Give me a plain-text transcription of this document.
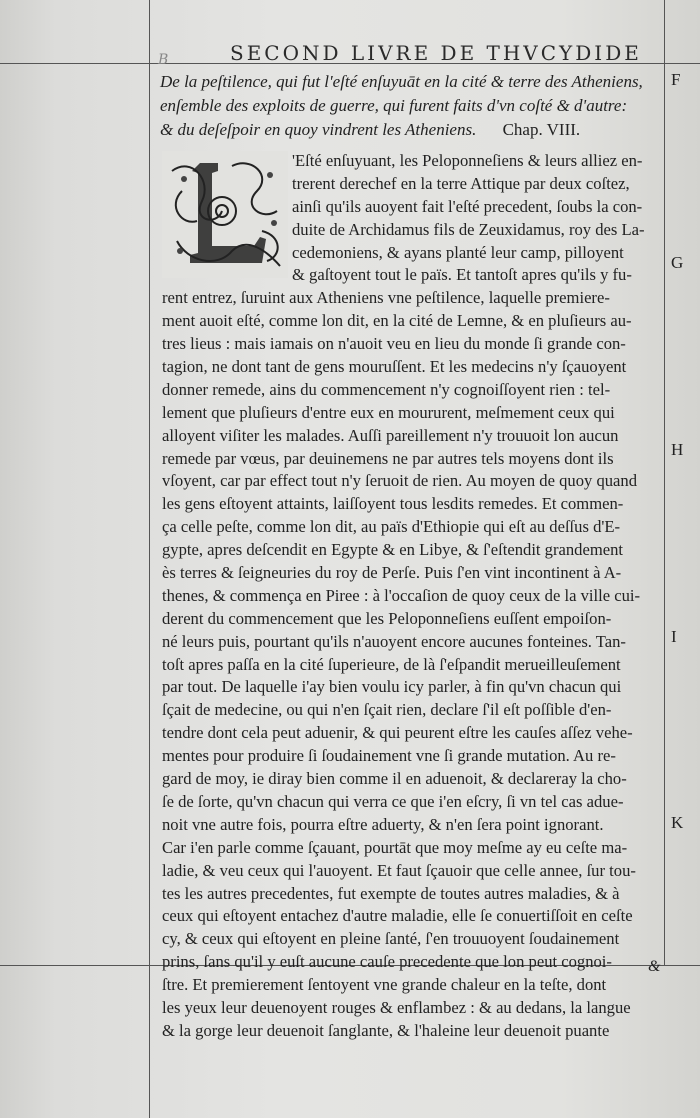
SECOND LIVRE DE THVCYDIDE
B
De la peſtilence, qui fut l'eſté enſuyuāt en la cité & terre des Atheniens,
enſemble des exploits de guerre, qui furent faits d'vn coſté & d'autre:
& du deſeſpoir en quoy vindrent les Atheniens. Chap. VIII.
'Eſté enſuyuant, les Peloponneſiens & leurs alliez en-
trerent derechef en la terre Attique par deux coſtez,
ainſi qu'ils auoyent fait l'eſté precedent, ſoubs la con-
duite de Archidamus fils de Zeuxidamus, roy des La-
cedemoniens, & ayans planté leur camp, pilloyent
& gaſtoyent tout le païs. Et tantoſt apres qu'ils y fu-
rent entrez, ſuruint aux Atheniens vne peſtilence, laquelle premiere-
ment auoit eſté, comme lon dit, en la cité de Lemne, & en pluſieurs au-
tres lieus : mais iamais on n'auoit veu en lieu du monde ſi grande con-
tagion, ne dont tant de gens mouruſſent. Et les medecins n'y ſçauoyent
donner remede, ains du commencement n'y cognoiſſoyent rien : tel-
lement que pluſieurs d'entre eux en moururent, meſmement ceux qui
alloyent viſiter les malades. Auſſi pareillement n'y trouuoit lon aucun
remede par vœus, par deuinemens ne par autres tels moyens dont ils
vſoyent, car par effect tout n'y ſeruoit de rien. Au moyen de quoy quand
les gens eſtoyent attaints, laiſſoyent tous lesdits remedes. Et commen-
ça celle peſte, comme lon dit, au païs d'Ethiopie qui eſt au deſſus d'E-
gypte, apres deſcendit en Egypte & en Libye, & ſ'eſtendit grandement
ès terres & ſeigneuries du roy de Perſe. Puis ſ'en vint incontinent à A-
thenes, & commença en Piree : à l'occaſion de quoy ceux de la ville cui-
derent du commencement que les Peloponneſiens euſſent empoiſon-
né leurs puis, pourtant qu'ils n'auoyent encore aucunes fonteines. Tan-
toſt apres paſſa en la cité ſuperieure, de là ſ'eſpandit merueilleuſement
par tout. De laquelle i'ay bien voulu icy parler, à fin qu'vn chacun qui
ſçait de medecine, ou qui n'en ſçait rien, declare ſ'il eſt poſſible d'en-
tendre dont cela peut aduenir, & qui peurent eſtre les cauſes aſſez vehe-
mentes pour produire ſi ſoudainement vne ſi grande mutation. Au re-
gard de moy, ie diray bien comme il en aduenoit, & declareray la cho-
ſe de ſorte, qu'vn chacun qui verra ce que i'en eſcry, ſi vn tel cas adue-
noit vne autre fois, pourra eſtre aduerty, & n'en ſera point ignorant.
Car i'en parle comme ſçauant, pourtāt que moy meſme ay eu ceſte ma-
ladie, & veu ceux qui l'auoyent. Et faut ſçauoir que celle annee, ſur tou-
tes les autres precedentes, fut exempte de toutes autres maladies, & à
ceux qui eſtoyent entachez d'autre maladie, elle ſe conuertiſſoit en ceſte
cy, & ceux qui eſtoyent en pleine ſanté, ſ'en trouuoyent ſoudainement
prins, ſans qu'il y euſt aucune cauſe precedente que lon peut cognoi-
ſtre. Et premierement ſentoyent vne grande chaleur en la teſte, dont
les yeux leur deuenoyent rouges & enflambez : & au dedans, la langue
& la gorge leur deuenoit ſanglante, & l'haleine leur deuenoit puante
F
G
H
I
K
&
